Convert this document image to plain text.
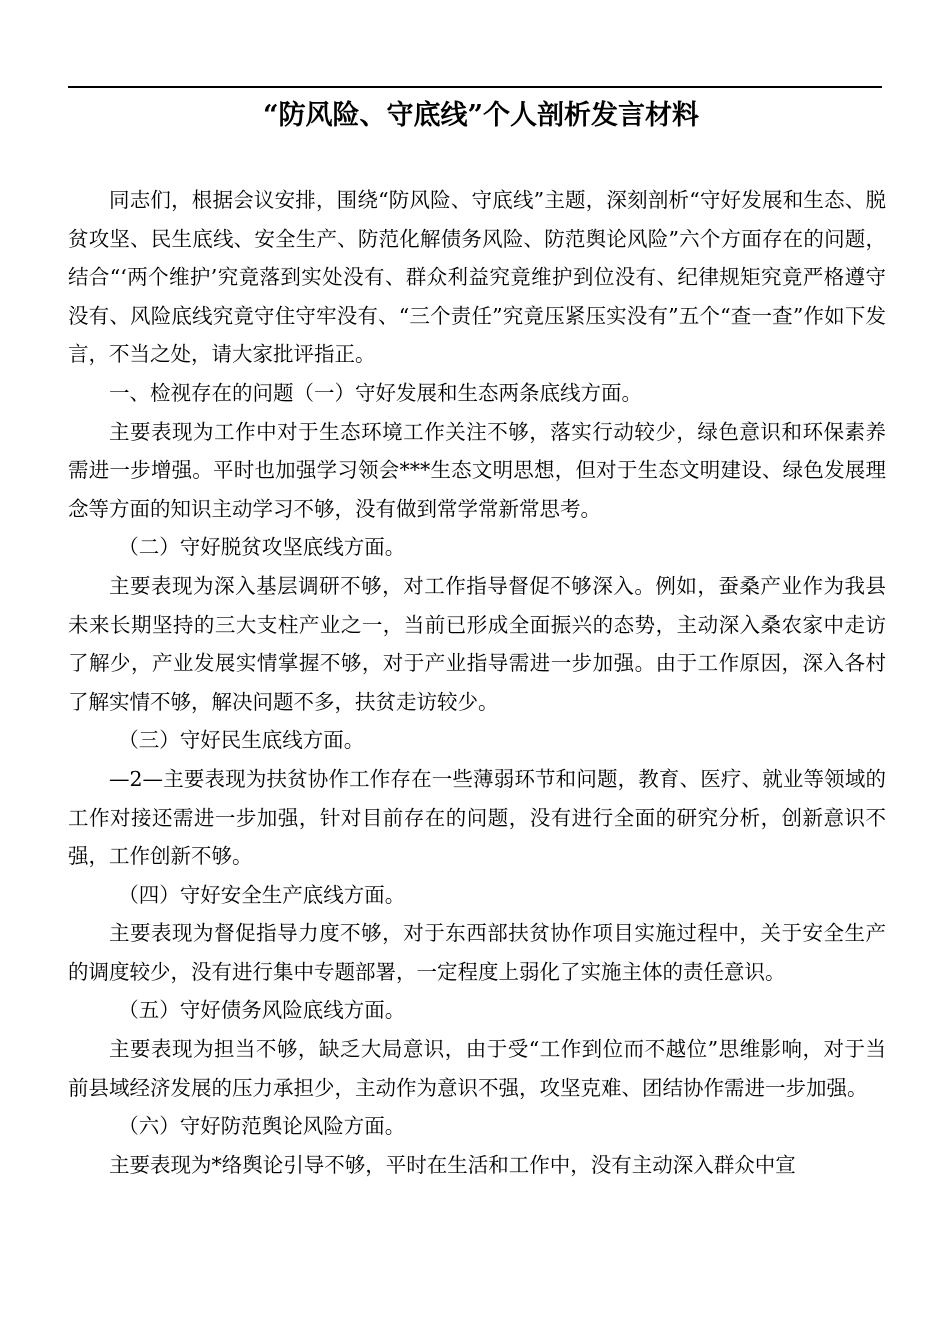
“防风险、守底线”个人剖析发言材料

同志们，根据会议安排，围绕“防风险、守底线”主题，深刻剖析“守好发展和生态、脱贫攻坚、民生底线、安全生产、防范化解债务风险、防范舆论风险”六个方面存在的问题，结合“‘两个维护’究竟落到实处没有、群众利益究竟维护到位没有、纪律规矩究竟严格遵守没有、风险底线究竟守住守牢没有、“三个责任”究竟压紧压实没有”五个“查一查”作如下发言，不当之处，请大家批评指正。

一、检视存在的问题（一）守好发展和生态两条底线方面。

主要表现为工作中对于生态环境工作关注不够，落实行动较少，绿色意识和环保素养需进一步增强。平时也加强学习领会***生态文明思想，但对于生态文明建设、绿色发展理念等方面的知识主动学习不够，没有做到常学常新常思考。

（二）守好脱贫攻坚底线方面。

主要表现为深入基层调研不够，对工作指导督促不够深入。例如，蚕桑产业作为我县未来长期坚持的三大支柱产业之一，当前已形成全面振兴的态势，主动深入桑农家中走访了解少，产业发展实情掌握不够，对于产业指导需进一步加强。由于工作原因，深入各村了解实情不够，解决问题不多，扶贫走访较少。

（三）守好民生底线方面。

—2—主要表现为扶贫协作工作存在一些薄弱环节和问题，教育、医疗、就业等领域的工作对接还需进一步加强，针对目前存在的问题，没有进行全面的研究分析，创新意识不强，工作创新不够。

（四）守好安全生产底线方面。

主要表现为督促指导力度不够，对于东西部扶贫协作项目实施过程中，关于安全生产的调度较少，没有进行集中专题部署，一定程度上弱化了实施主体的责任意识。

（五）守好债务风险底线方面。

主要表现为担当不够，缺乏大局意识，由于受“工作到位而不越位”思维影响，对于当前县域经济发展的压力承担少，主动作为意识不强，攻坚克难、团结协作需进一步加强。

（六）守好防范舆论风险方面。

主要表现为*络舆论引导不够，平时在生活和工作中，没有主动深入群众中宣
